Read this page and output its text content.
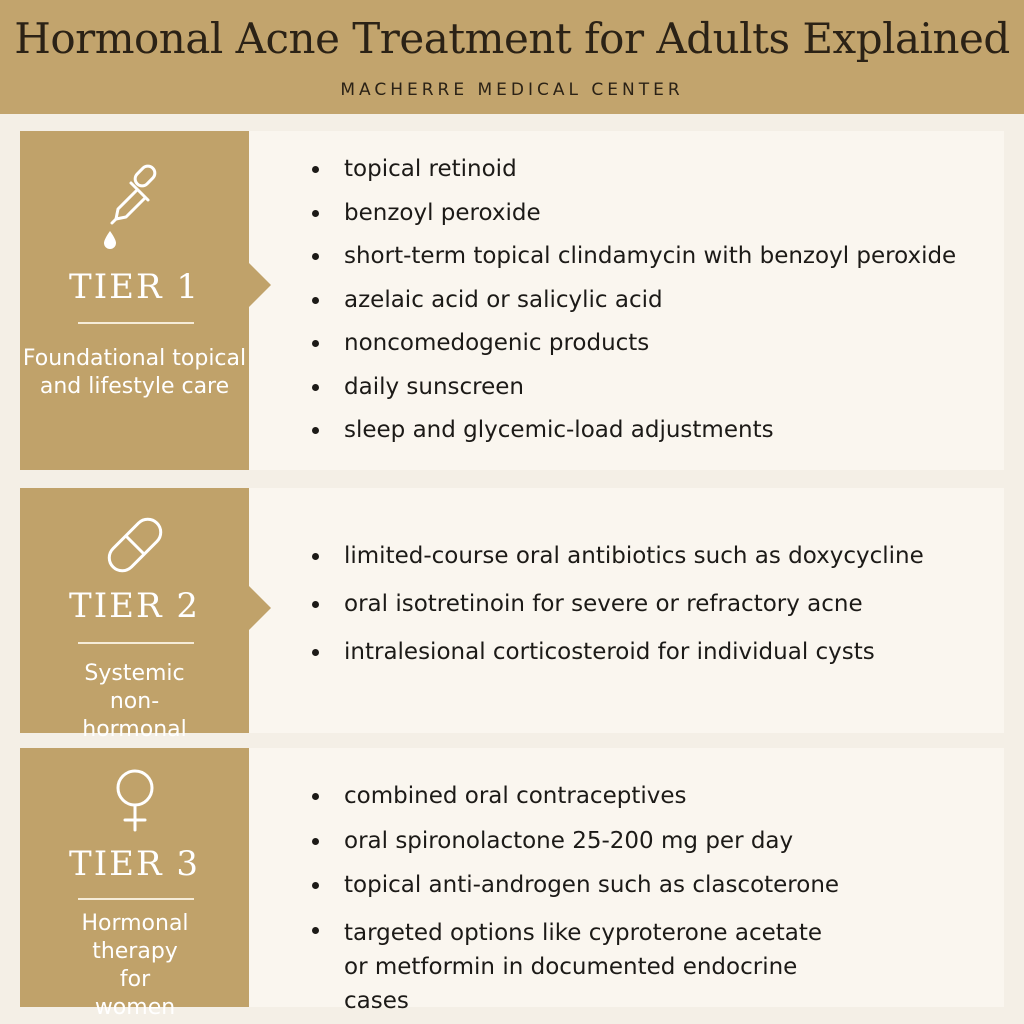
Hormonal Acne Treatment for Adults Explained
MACHERRE MEDICAL CENTER
TIER 1
Foundational topical and lifestyle care
topical retinoid
benzoyl peroxide
short-term topical clindamycin with benzoyl peroxide
azelaic acid or salicylic acid
noncomedogenic products
daily sunscreen
sleep and glycemic-load adjustments
TIER 2
Systemic non-hormonal
limited-course oral antibiotics such as doxycycline
oral isotretinoin for severe or refractory acne
intralesional corticosteroid for individual cysts
TIER 3
Hormonal therapy for women
combined oral contraceptives
oral spironolactone 25-200 mg per day
topical anti-androgen such as clascoterone
targeted options like cyproterone acetate or metformin in documented endocrine cases
